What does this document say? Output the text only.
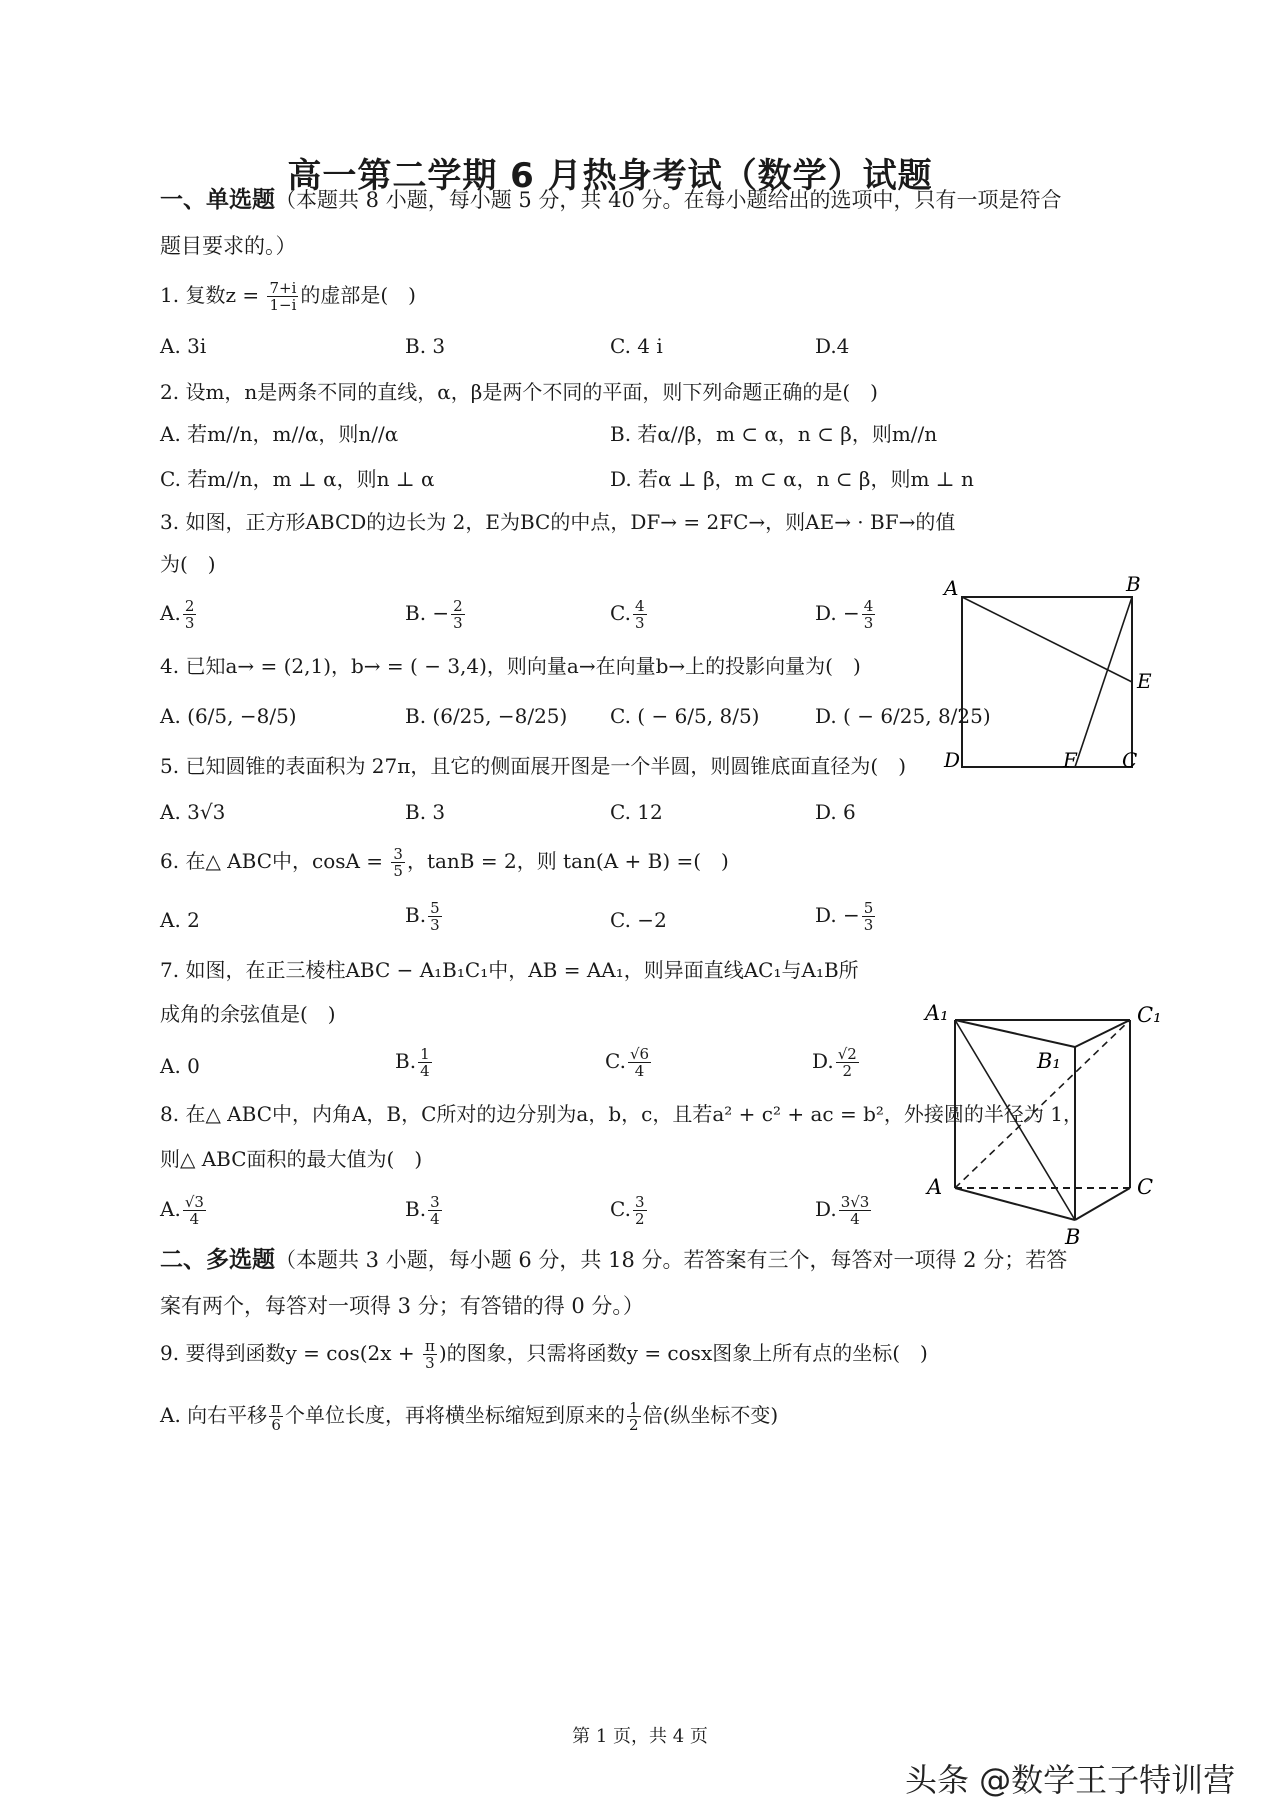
高一第二学期 6 月热身考试（数学）试题
一、单选题（本题共 8 小题，每小题 5 分，共 40 分。在每小题给出的选项中，只有一项是符合
题目要求的。）
1. 复数$z = \frac{7+i}{1-i}$ 的虚部是(　)
A. 3i	B. 3	C. 4 i	D.4
2. 设m，n是两条不同的直线，α，β是两个不同的平面，则下列命题正确的是(　)
A. 若m//n，m//α，则n//α	B. 若α//β，m ⊂ α，n ⊂ β，则m//n
C. 若m//n，m ⊥ α，则n ⊥ α	D. 若α ⊥ β，m ⊂ α，n ⊂ β，则m ⊥ n
3. 如图，正方形ABCD的边长为 2，E为BC的中点，DF→ = 2FC→，则AE→ · BF→的值
为(　)
A. $\frac{2}{3}$	B. − $\frac{2}{3}$	C. $\frac{4}{3}$	D. − $\frac{4}{3}$
A	B
E
D	F C
4. 已知a→ = (2,1)，b→ = ( − 3,4)，则向量a→在向量b→上的投影向量为(　)
A. (6/5, −8/5)	B. (6/25, −8/25) C. ( − 6/5, 8/5)	D. ( − 6/25, 8/25)
5. 已知圆锥的表面积为 27π，且它的侧面展开图是一个半圆，则圆锥底面直径为(　)
A. 3√3	B. 3	C. 12	D. 6
6. 在△ ABC中，$\cos A = \frac{3}{5}$ ，tanB = 2，则 tan(A + B) =(　)
A. 2	B. $\frac{5}{3}$	C. −2	D. − $\frac{5}{3}$
A₁	C₁
B₁
A	C
B
7. 如图，在正三棱柱ABC − A₁B₁C₁中，AB = AA₁，则异面直线AC₁与A₁B所
成角的余弦值是(　)
A. 0	B. $\frac{1}{4}$	C. $\frac{√6}{4}$	D. $\frac{√2}{2}$
8. 在△ ABC中，内角A，B，C所对的边分别为a，b，c，且若a² + c² + ac = b²，外接圆的半径为 1，
则△ ABC面积的最大值为(　)
A. $\frac{√3}{4}$	B. $\frac{3}{4}$	C. $\frac{3}{2}$	D. $\frac{3√3}{4}$
二、多选题（本题共 3 小题，每小题 6 分，共 18 分。若答案有三个，每答对一项得 2 分；若答
案有两个，每答对一项得 3 分；有答错的得 0 分。）
9. 要得到函数$y = \cos(2x + \frac{\pi}{3}$ )的图象，只需将函数y = cosx图象上所有点的坐标(　)
A. 向右平移 $\frac{\pi}{6}$ 个单位长度，再将横坐标缩短到原来的 $\frac{1}{2}$ 倍(纵坐标不变)
第 1 页，共 4 页
头条 @数学王子特训营
